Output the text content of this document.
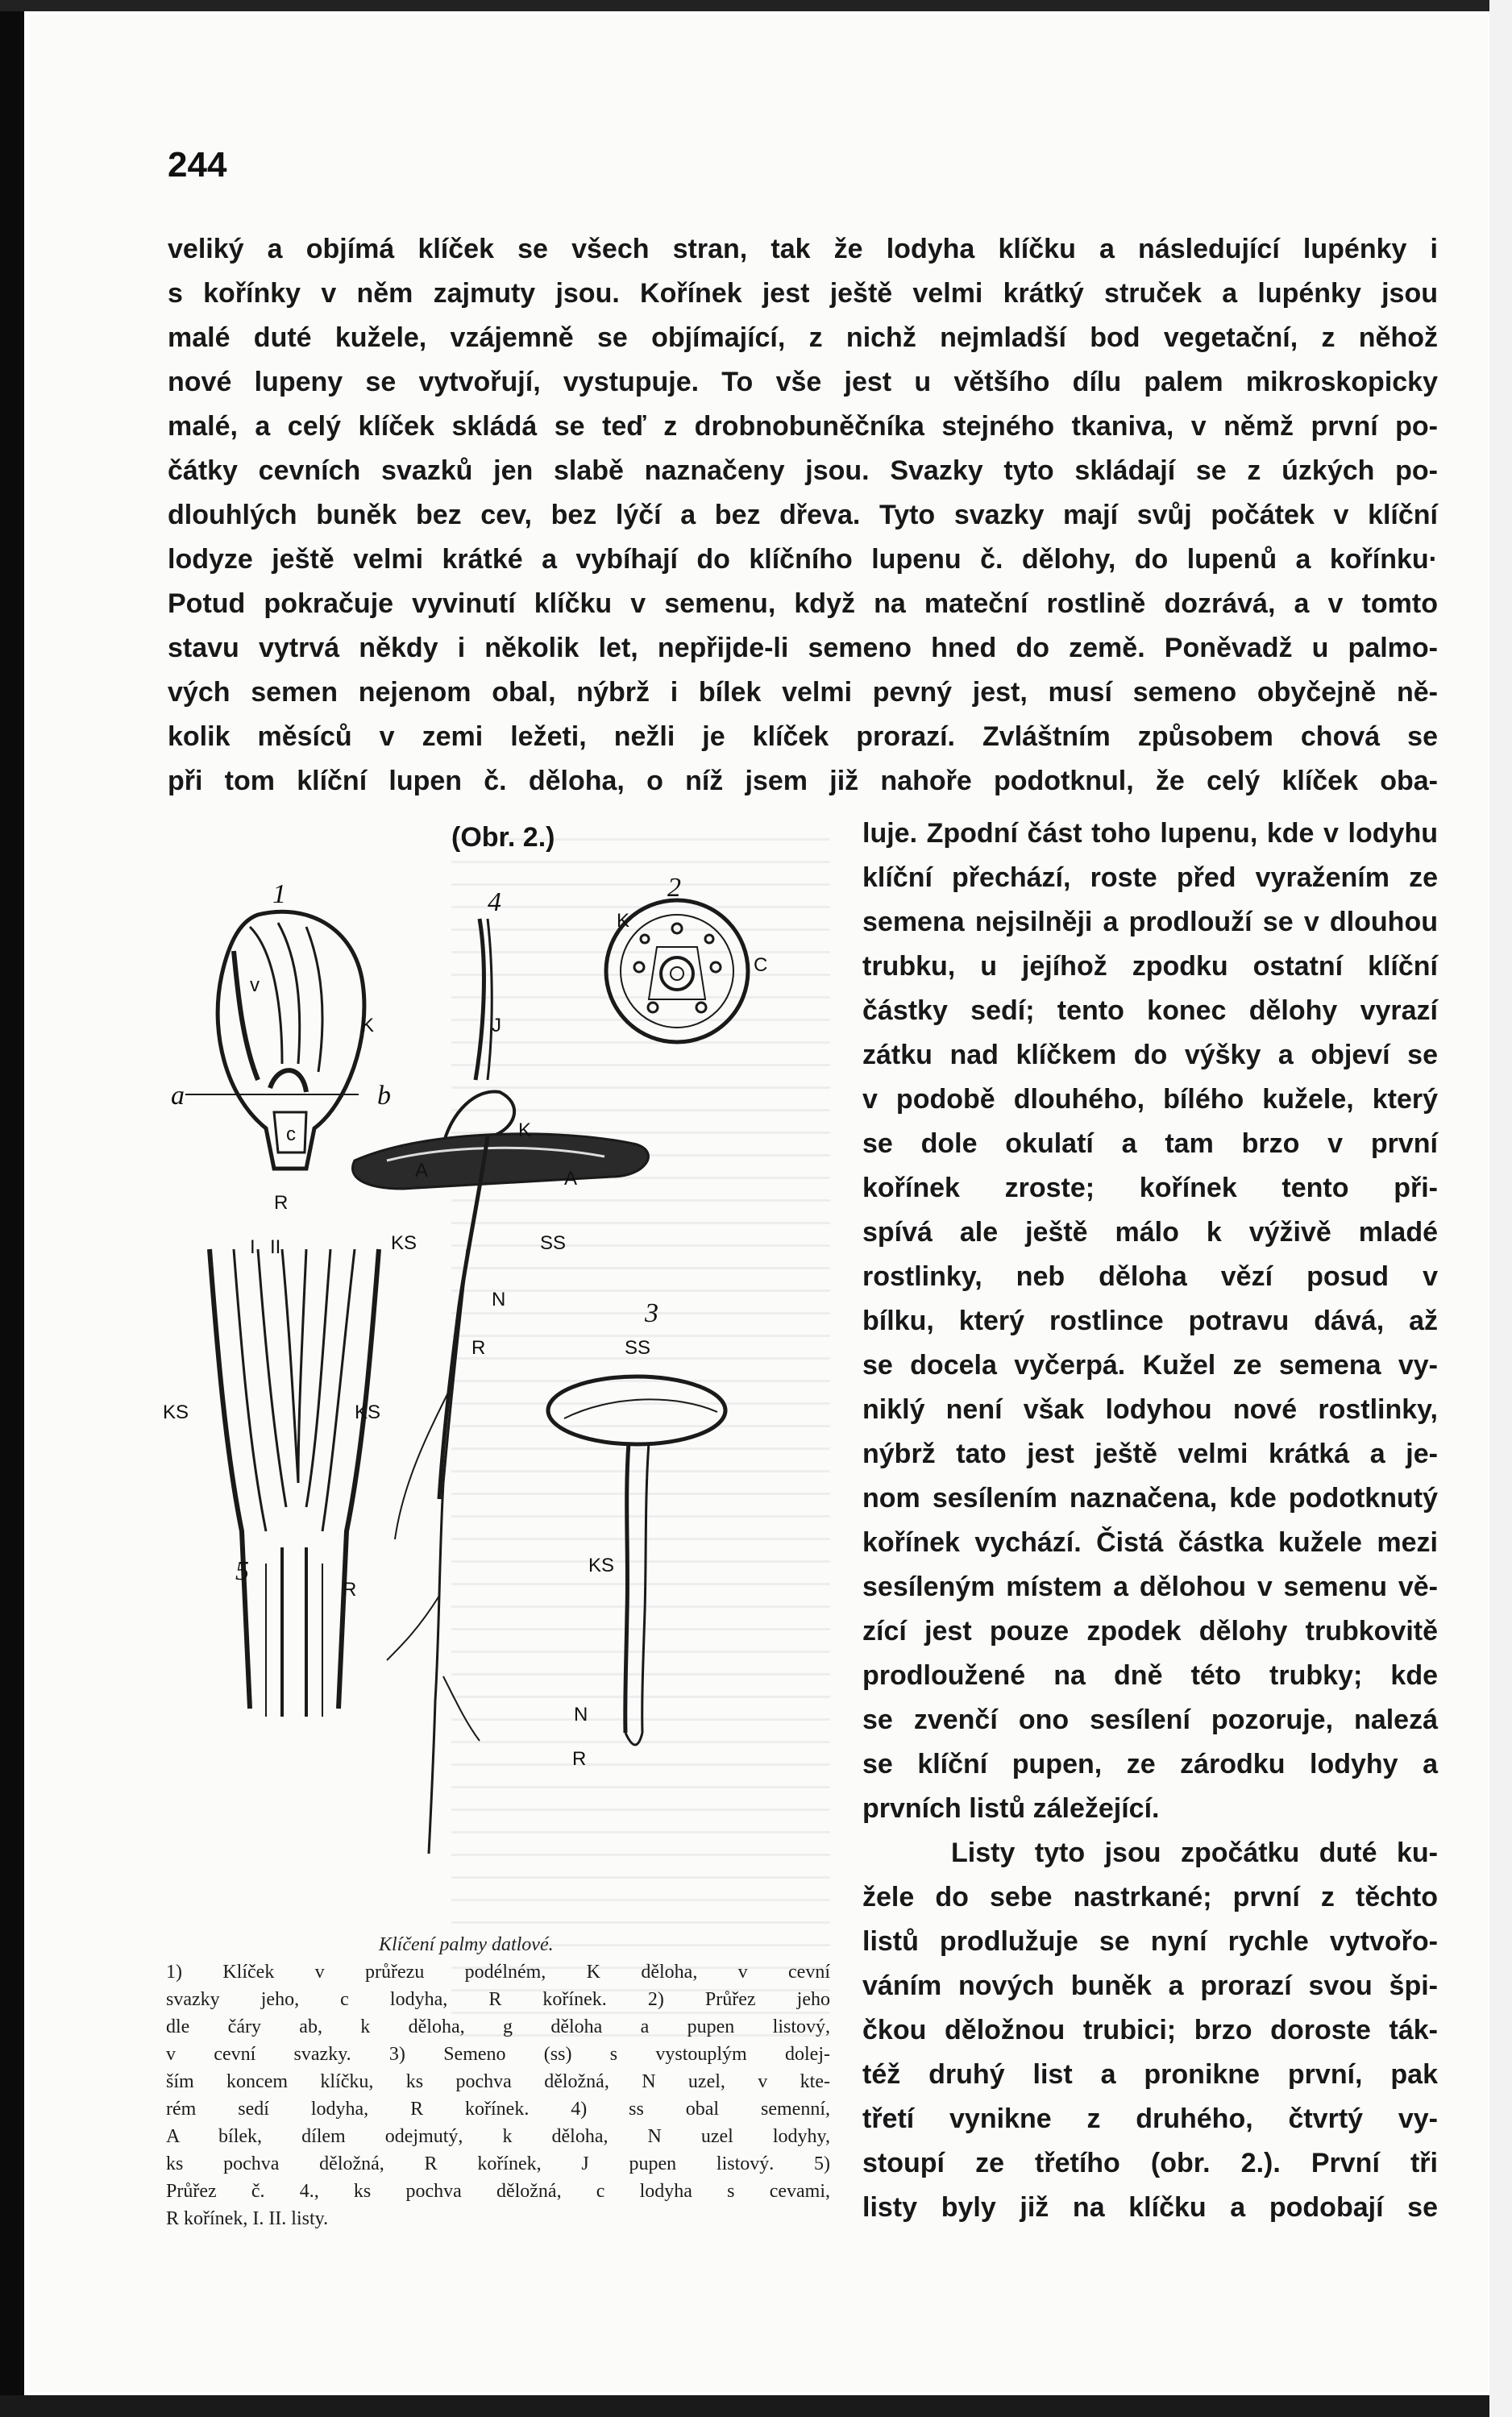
244
veliký a objímá klíček se všech stran, tak že lodyha klíčku a následující lupénky i
s kořínky v něm zajmuty jsou. Kořínek jest ještě velmi krátký struček a lupénky jsou
malé duté kužele, vzájemně se objímající, z nichž nejmladší bod vegetační, z něhož
nové lupeny se vytvořují, vystupuje. To vše jest u většího dílu palem mikroskopicky
malé, a celý klíček skládá se teď z drobnobuněčníka stejného tkaniva, v němž první po-
čátky cevních svazků jen slabě naznačeny jsou. Svazky tyto skládají se z úzkých po-
dlouhlých buněk bez cev, bez lýčí a bez dřeva. Tyto svazky mají svůj počátek v klíční
lodyze ještě velmi krátké a vybíhají do klíčního lupenu č. dělohy, do lupenů a kořínku·
Potud pokračuje vyvinutí klíčku v semenu, když na mateční rostlině dozrává, a v tomto
stavu vytrvá někdy i několik let, nepřijde-li semeno hned do země. Poněvadž u palmo-
vých semen nejenom obal, nýbrž i bílek velmi pevný jest, musí semeno obyčejně ně-
kolik měsíců v zemi ležeti, nežli je klíček prorazí. Zvláštním způsobem chová se
při tom klíční lupen č. děloha, o níž jsem již nahoře podotknul, že celý klíček oba-
(Obr. 2.)	luje. Zpodní část toho lupenu, kde v lodyhu
klíční přechází, roste před vyražením ze
semena nejsilněji a prodlouží se v dlouhou
trubku, u jejíhož zpodku ostatní klíční
částky sedí; tento konec dělohy vyrazí
zátku nad klíčkem do výšky a objeví se
v podobě dlouhého, bílého kužele, který
se dole okulatí a tam brzo v první
kořínek zroste; kořínek tento při-
spívá ale ještě málo k výživě mladé
rostlinky, neb děloha vězí posud v
bílku, který rostlince potravu dává, až
se docela vyčerpá. Kužel ze semena vy-
niklý není však lodyhou nové rostlinky,
nýbrž tato jest ještě velmi krátká a je-
nom sesílením naznačena, kde podotknutý
kořínek vychází. Čistá částka kužele mezi
sesíleným místem a dělohou v semenu vě-
zící jest pouze zpodek dělohy trubkovitě
prodloužené na dně této trubky; kde
se zvenčí ono sesílení pozoruje, nalezá
se klíční pupen, ze zárodku lodyhy a
prvních listů záležející.
Listy tyto jsou zpočátku duté ku-
žele do sebe nastrkané; první z těchto
listů prodlužuje se nyní rychle vytvořo-
váním nových buněk a prorazí svou špi-
čkou děložnou trubici; brzo doroste ták-
též druhý list a pronikne první, pak
třetí vynikne z druhého, čtvrtý vy-
stoupí ze třetího (obr. 2.). První tři
listy byly již na klíčku a podobají se
1	2
3
4
5
a	b
c
K
v
R
I II
KS	KS
KS
KS
SS
SS
N
N
A	A
K
R
R
R
J
C
K
Klíčení palmy datlové.
1) Klíček v průřezu podélném, K děloha, v cevní
svazky jeho, c lodyha, R kořínek. 2) Průřez jeho
dle čáry ab, k děloha, g děloha a pupen listový,
v cevní svazky. 3) Semeno (ss) s vystouplým dolej-
ším koncem klíčku, ks pochva děložná, N uzel, v kte-
rém sedí lodyha, R kořínek. 4) ss obal semenní,
A bílek, dílem odejmutý, k děloha, N uzel lodyhy,
ks pochva děložná, R kořínek, J pupen listový. 5)
Průřez č. 4., ks pochva děložná, c lodyha s cevami,
R kořínek, I. II. listy.
